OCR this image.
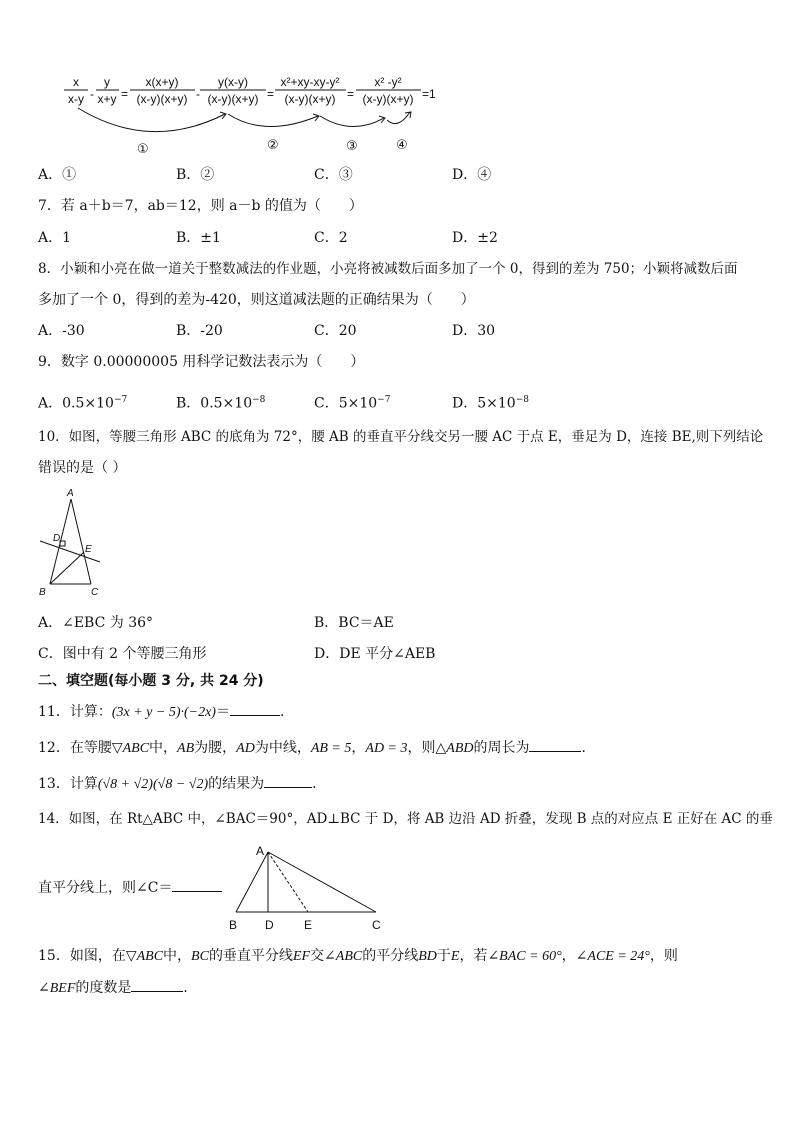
x
x-y -
y
x+y =
x(x+y)
(x-y)(x+y) -
y(x-y)
(x-y)(x+y) =
x²+xy-xy-y²
(x-y)(x+y) =
x² -y²
(x-y)(x+y) =1
①	②	③	④
A．①	B．②	C．③	D．④
7．若 a＋b＝7，ab＝12，则 a－b 的值为（　　）
A．1	B．±1	C．2	D．±2
8．小颖和小亮在做一道关于整数减法的作业题，小亮将被减数后面多加了一个 0，得到的差为 750；小颖将减数后面
多加了一个 0，得到的差为-420，则这道减法题的正确结果为（　　）
A．-30	B．-20	C．20	D．30
9．数字 0.00000005 用科学记数法表示为（　　）
A．$0.5\times 10^{-7}$	B．$0.5\times 10^{-8}$	C．$5\times 10^{-7}$	D．$5\times 10^{-8}$
10．如图，等腰三角形 ABC 的底角为 72°，腰 AB 的垂直平分线交另一腰 AC 于点 E，垂足为 D，连接 BE,则下列结论
错误的是（ ）
A
D
E
B	C
A．∠EBC 为 36°	B．BC＝AE
C．图中有 2 个等腰三角形	D．DE 平分∠AEB
二、填空题(每小题 3 分, 共 24 分)
11．计算：(3x + y − 5)·(−2x)＝	．
12．在等腰▽ABC中，AB为腰，AD为中线，AB = 5，AD = 3，则△ABD的周长为	．
13．计算(√8 + √2)(√8 − √2)的结果为	．
14．如图，在 Rt△ABC 中，∠BAC＝90°，AD⊥BC 于 D，将 AB 边沿 AD 折叠，发现 B 点的对应点 E 正好在 AC 的垂
直平分线上，则∠C＝
A
B D	E	C
15．如图，在▽ABC中，BC的垂直平分线EF交∠ABC的平分线BD于E，若∠BAC = 60°，∠ACE = 24°，则
∠BEF的度数是	．
